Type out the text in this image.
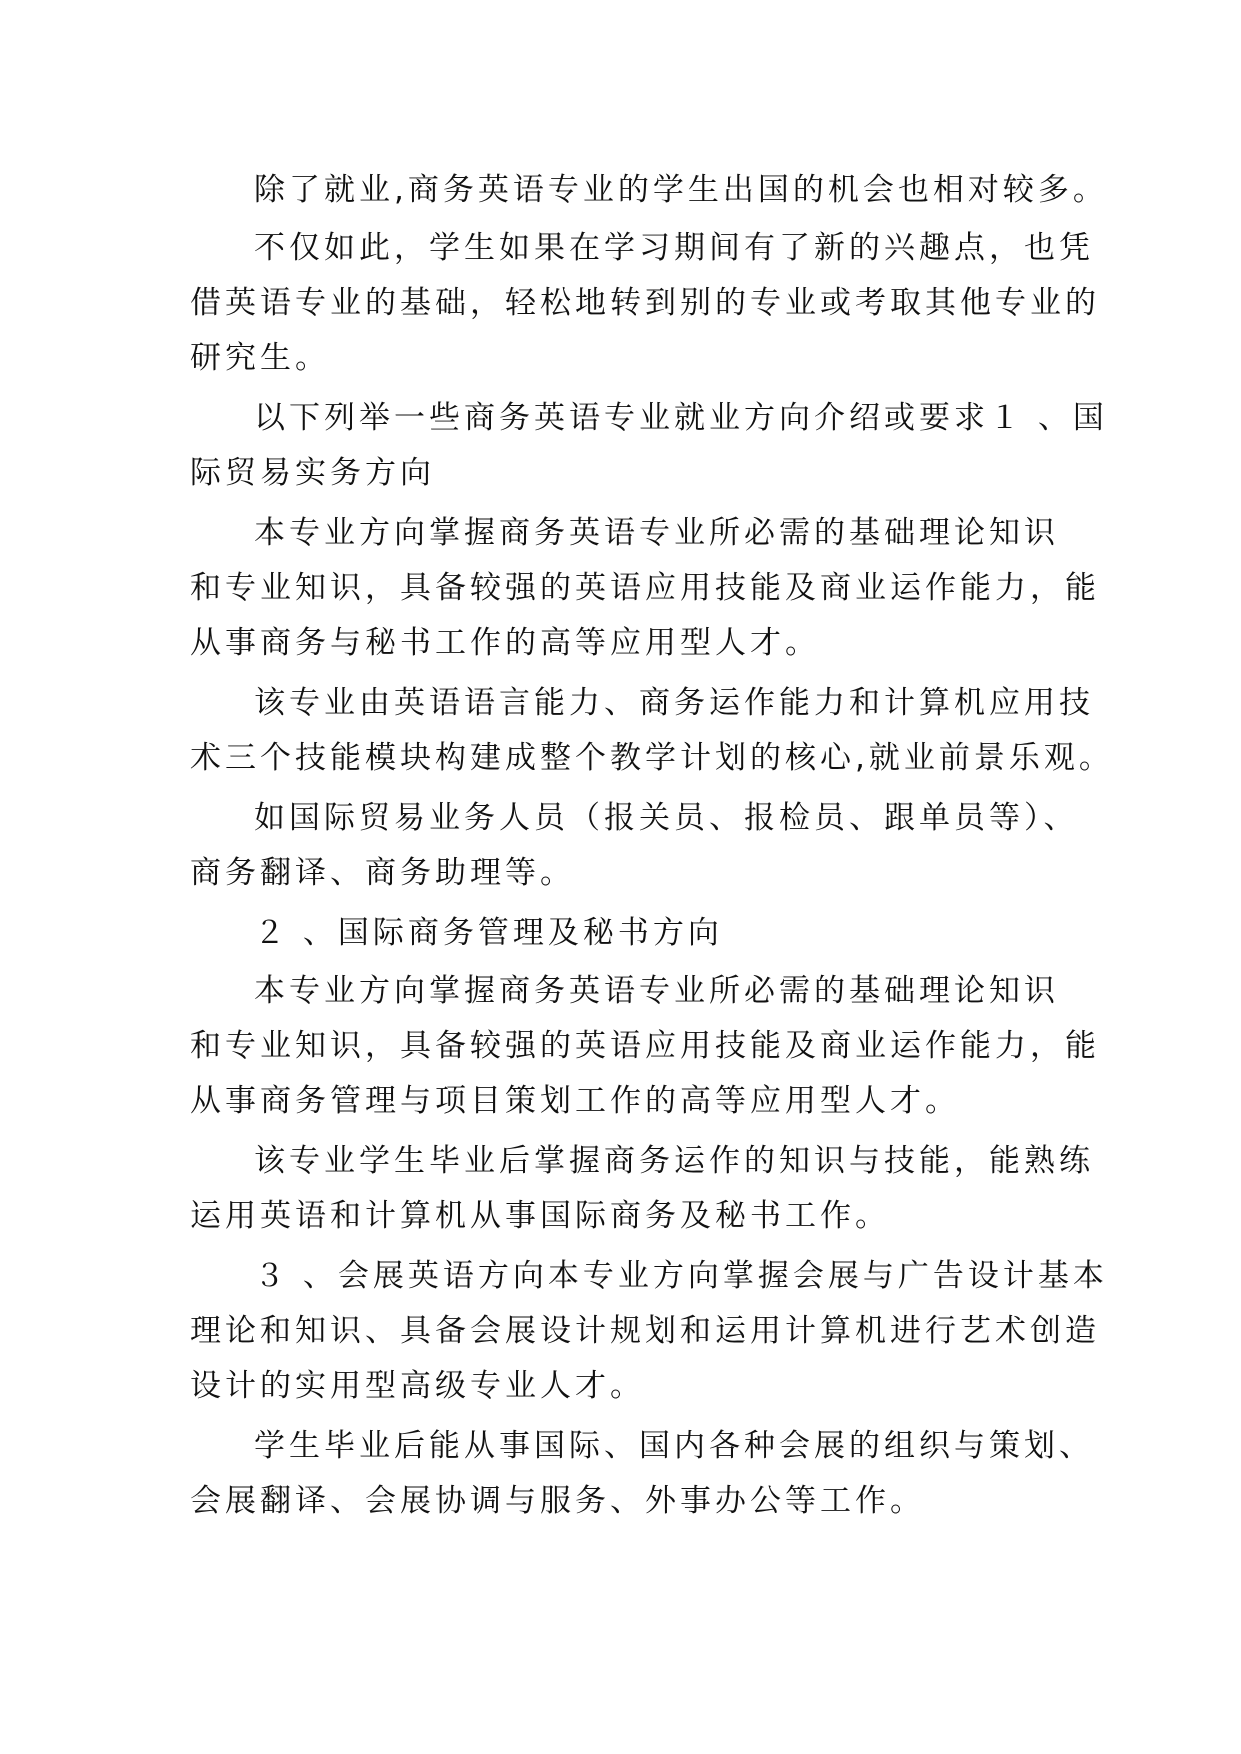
除了就业,商务英语专业的学生出国的机会也相对较多。

不仅如此，学生如果在学习期间有了新的兴趣点，也凭

借英语专业的基础，轻松地转到别的专业或考取其他专业的

研究生。

以下列举一些商务英语专业就业方向介绍或要求１ 、国

际贸易实务方向

本专业方向掌握商务英语专业所必需的基础理论知识

和专业知识，具备较强的英语应用技能及商业运作能力，能

从事商务与秘书工作的高等应用型人才。

该专业由英语语言能力、商务运作能力和计算机应用技

术三个技能模块构建成整个教学计划的核心,就业前景乐观。

如国际贸易业务人员（报关员、报检员、跟单员等）、

商务翻译、商务助理等。

２ 、国际商务管理及秘书方向

本专业方向掌握商务英语专业所必需的基础理论知识

和专业知识，具备较强的英语应用技能及商业运作能力，能

从事商务管理与项目策划工作的高等应用型人才。

该专业学生毕业后掌握商务运作的知识与技能，能熟练

运用英语和计算机从事国际商务及秘书工作。

３ 、会展英语方向本专业方向掌握会展与广告设计基本

理论和知识、具备会展设计规划和运用计算机进行艺术创造

设计的实用型高级专业人才。

学生毕业后能从事国际、国内各种会展的组织与策划、

会展翻译、会展协调与服务、外事办公等工作。
